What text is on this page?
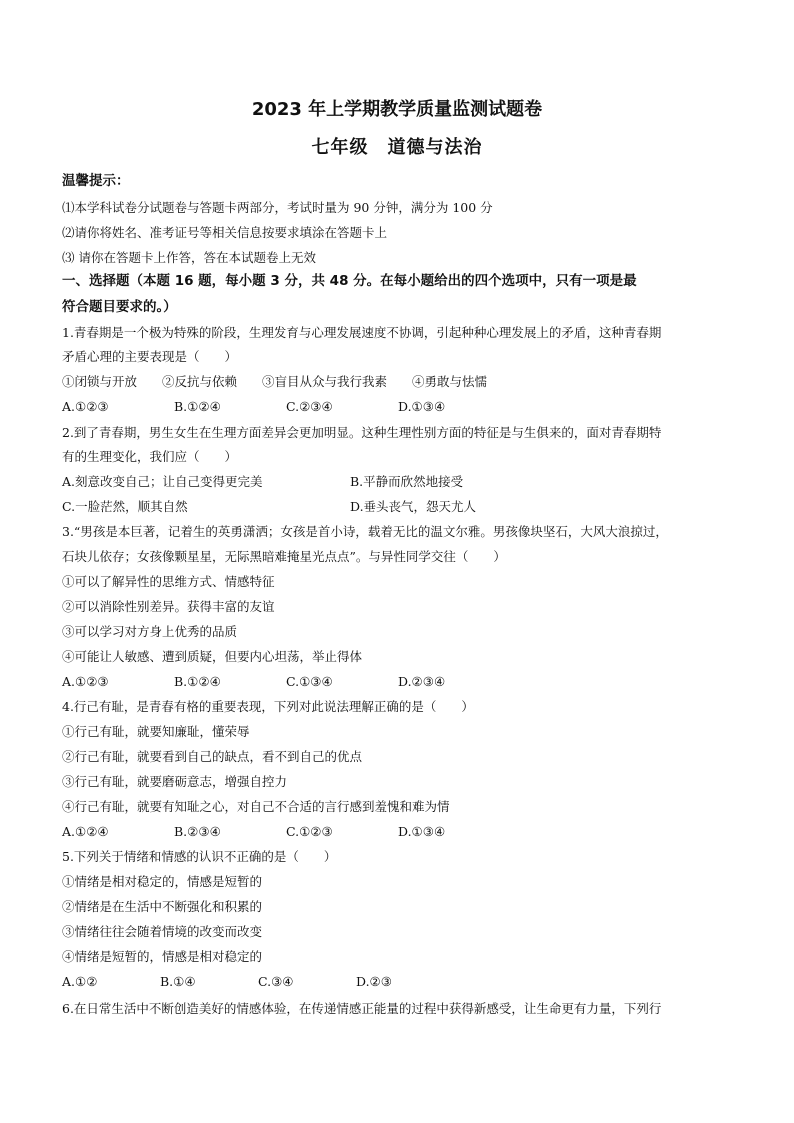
2023 年上学期教学质量监测试题卷
七年级　道德与法治
温馨提示：
⑴本学科试卷分试题卷与答题卡两部分，考试时量为 90 分钟，满分为 100 分
⑵请你将姓名、准考证号等相关信息按要求填涂在答题卡上
⑶ 请你在答题卡上作答，答在本试题卷上无效
一、选择题（本题 16 题，每小题 3 分，共 48 分。在每小题给出的四个选项中，只有一项是最
符合题目要求的。）
1.青春期是一个极为特殊的阶段，生理发育与心理发展速度不协调，引起种种心理发展上的矛盾，这种青春期
矛盾心理的主要表现是（　　）
①闭锁与开放　　②反抗与依赖　　③盲目从众与我行我素　　④勇敢与怯懦
A.①②③	B.①②④	C.②③④	D.①③④
2.到了青春期，男生女生在生理方面差异会更加明显。这种生理性别方面的特征是与生俱来的，面对青春期特
有的生理变化，我们应（　　）
A.刻意改变自己；让自己变得更完美	B.平静而欣然地接受
C.一脸茫然，顺其自然	D.垂头丧气，怨天尤人
3.“男孩是本巨著，记着生的英勇潇洒；女孩是首小诗，载着无比的温文尔雅。男孩像块坚石，大风大浪掠过，
石块儿依存；女孩像颗星星，无际黑暗难掩星光点点”。与异性同学交往（　　）
①可以了解异性的思维方式、情感特征
②可以消除性别差异。获得丰富的友谊
③可以学习对方身上优秀的品质
④可能让人敏感、遭到质疑，但要内心坦荡，举止得体
A.①②③	B.①②④	C.①③④	D.②③④
4.行己有耻，是青春有格的重要表现，下列对此说法理解正确的是（　　）
①行己有耻，就要知廉耻，懂荣辱
②行己有耻，就要看到自己的缺点，看不到自己的优点
③行己有耻，就要磨砺意志，增强自控力
④行己有耻，就要有知耻之心，对自己不合适的言行感到羞愧和难为情
A.①②④	B.②③④	C.①②③	D.①③④
5.下列关于情绪和情感的认识不正确的是（　　）
①情绪是相对稳定的，情感是短暂的
②情绪是在生活中不断强化和积累的
③情绪往往会随着情境的改变而改变
④情绪是短暂的，情感是相对稳定的
A.①②	B.①④	C.③④	D.②③
6.在日常生活中不断创造美好的情感体验，在传递情感正能量的过程中获得新感受，让生命更有力量，下列行
